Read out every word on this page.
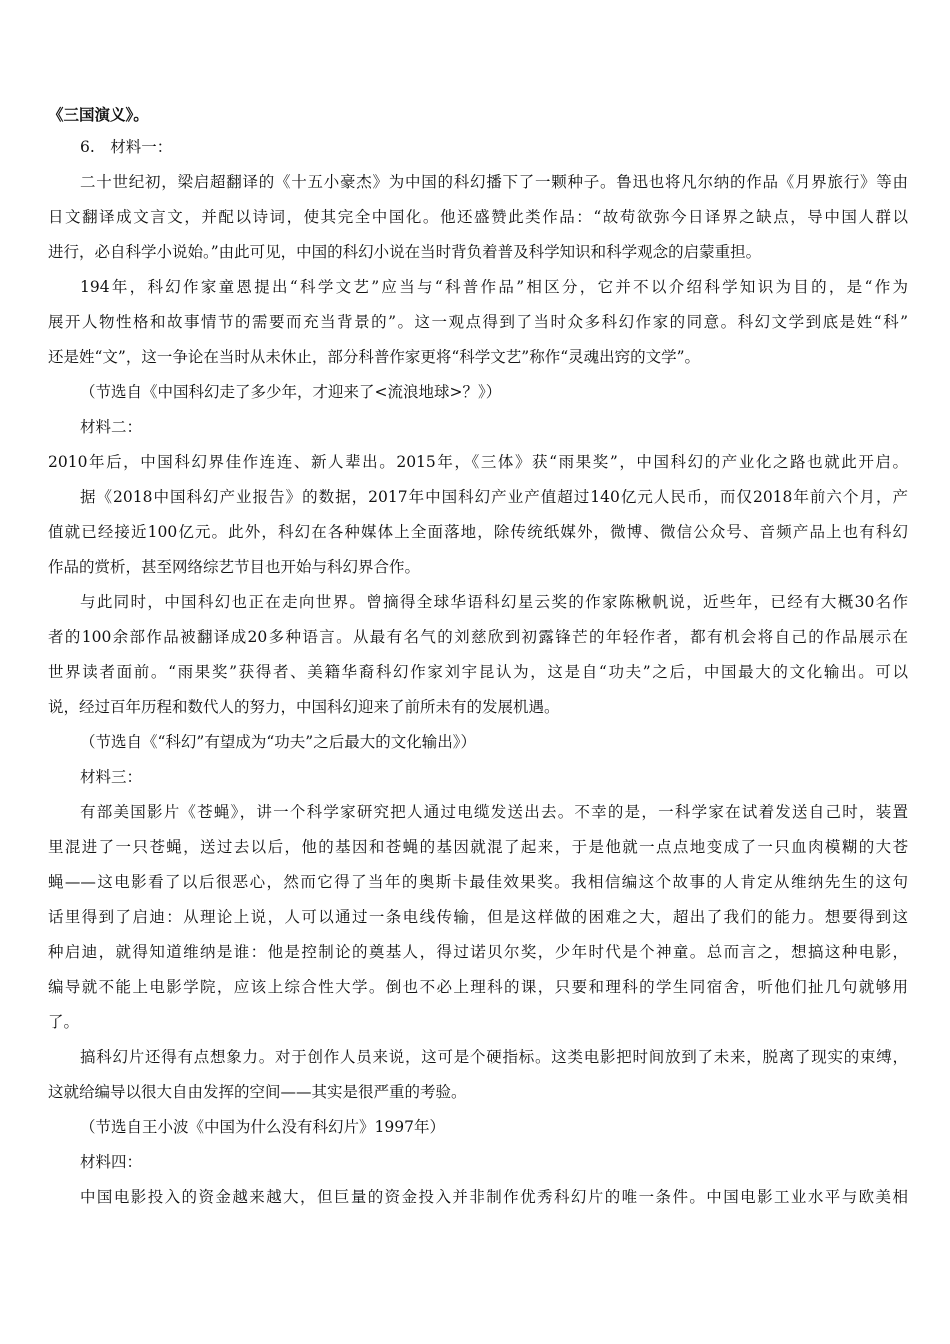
《三国演义》。
6.　材料一：
二十世纪初，梁启超翻译的《十五小豪杰》为中国的科幻播下了一颗种子。鲁迅也将凡尔纳的作品《月界旅行》等由
日文翻译成文言文，并配以诗词，使其完全中国化。他还盛赞此类作品：“故苟欲弥今日译界之缺点，导中国人群以
进行，必自科学小说始。”由此可见，中国的科幻小说在当时背负着普及科学知识和科学观念的启蒙重担。
194年，科幻作家童恩提出“科学文艺”应当与“科普作品”相区分，它并不以介绍科学知识为目的，是“作为
展开人物性格和故事情节的需要而充当背景的”。这一观点得到了当时众多科幻作家的同意。科幻文学到底是姓“科”
还是姓“文”，这一争论在当时从未休止，部分科普作家更将“科学文艺”称作“灵魂出窍的文学”。
（节选自《中国科幻走了多少年，才迎来了<流浪地球>？》）
材料二：
2010年后，中国科幻界佳作连连、新人辈出。2015年，《三体》获“雨果奖”，中国科幻的产业化之路也就此开启。
据《2018中国科幻产业报告》的数据，2017年中国科幻产业产值超过140亿元人民币，而仅2018年前六个月，产
值就已经接近100亿元。此外，科幻在各种媒体上全面落地，除传统纸媒外，微博、微信公众号、音频产品上也有科幻
作品的赏析，甚至网络综艺节目也开始与科幻界合作。
与此同时，中国科幻也正在走向世界。曾摘得全球华语科幻星云奖的作家陈楸帆说，近些年，已经有大概30名作
者的100余部作品被翻译成20多种语言。从最有名气的刘慈欣到初露锋芒的年轻作者，都有机会将自己的作品展示在
世界读者面前。“雨果奖”获得者、美籍华裔科幻作家刘宇昆认为，这是自“功夫”之后，中国最大的文化输出。可以
说，经过百年历程和数代人的努力，中国科幻迎来了前所未有的发展机遇。
（节选自《“科幻”有望成为“功夫”之后最大的文化输出》）
材料三：
有部美国影片《苍蝇》，讲一个科学家研究把人通过电缆发送出去。不幸的是，一科学家在试着发送自己时，装置
里混进了一只苍蝇，送过去以后，他的基因和苍蝇的基因就混了起来，于是他就一点点地变成了一只血肉模糊的大苍
蝇——这电影看了以后很恶心，然而它得了当年的奥斯卡最佳效果奖。我相信编这个故事的人肯定从维纳先生的这句
话里得到了启迪：从理论上说，人可以通过一条电线传输，但是这样做的困难之大，超出了我们的能力。想要得到这
种启迪，就得知道维纳是谁：他是控制论的奠基人，得过诺贝尔奖，少年时代是个神童。总而言之，想搞这种电影，
编导就不能上电影学院，应该上综合性大学。倒也不必上理科的课，只要和理科的学生同宿舍，听他们扯几句就够用
了。
搞科幻片还得有点想象力。对于创作人员来说，这可是个硬指标。这类电影把时间放到了未来，脱离了现实的束缚，
这就给编导以很大自由发挥的空间——其实是很严重的考验。
（节选自王小波《中国为什么没有科幻片》1997年）
材料四：
中国电影投入的资金越来越大，但巨量的资金投入并非制作优秀科幻片的唯一条件。中国电影工业水平与欧美相
